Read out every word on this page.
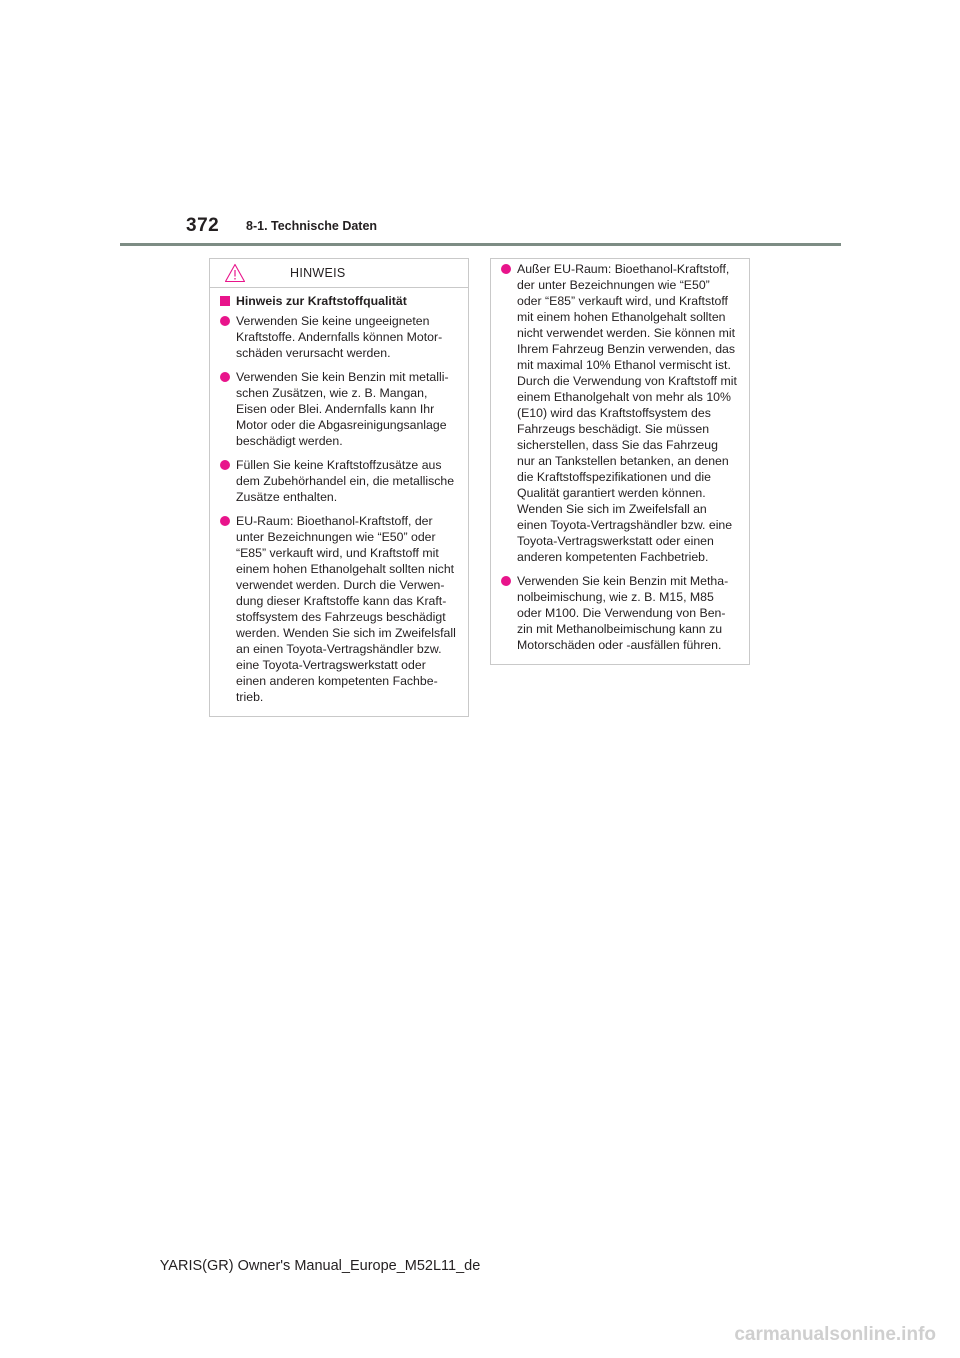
372 8-1. Technische Daten
HINWEIS
Hinweis zur Kraftstoffqualität
Verwenden Sie keine ungeeigneten
Kraftstoffe. Andernfalls können Motor-
schäden verursacht werden.
Verwenden Sie kein Benzin mit metalli-
schen Zusätzen, wie z. B. Mangan,
Eisen oder Blei. Andernfalls kann Ihr
Motor oder die Abgasreinigungsanlage
beschädigt werden.
Füllen Sie keine Kraftstoffzusätze aus
dem Zubehörhandel ein, die metallische
Zusätze enthalten.
EU-Raum: Bioethanol-Kraftstoff, der
unter Bezeichnungen wie “E50” oder
“E85” verkauft wird, und Kraftstoff mit
einem hohen Ethanolgehalt sollten nicht
verwendet werden. Durch die Verwen-
dung dieser Kraftstoffe kann das Kraft-
stoffsystem des Fahrzeugs beschädigt
werden. Wenden Sie sich im Zweifelsfall
an einen Toyota-Vertragshändler bzw.
eine Toyota-Vertragswerkstatt oder
einen anderen kompetenten Fachbe-
trieb.
Außer EU-Raum: Bioethanol-Kraftstoff,
der unter Bezeichnungen wie “E50”
oder “E85” verkauft wird, und Kraftstoff
mit einem hohen Ethanolgehalt sollten
nicht verwendet werden. Sie können mit
Ihrem Fahrzeug Benzin verwenden, das
mit maximal 10% Ethanol vermischt ist.
Durch die Verwendung von Kraftstoff mit
einem Ethanolgehalt von mehr als 10%
(E10) wird das Kraftstoffsystem des
Fahrzeugs beschädigt. Sie müssen
sicherstellen, dass Sie das Fahrzeug
nur an Tankstellen betanken, an denen
die Kraftstoffspezifikationen und die
Qualität garantiert werden können.
Wenden Sie sich im Zweifelsfall an
einen Toyota-Vertragshändler bzw. eine
Toyota-Vertragswerkstatt oder einen
anderen kompetenten Fachbetrieb.
Verwenden Sie kein Benzin mit Metha-
nolbeimischung, wie z. B. M15, M85
oder M100. Die Verwendung von Ben-
zin mit Methanolbeimischung kann zu
Motorschäden oder -ausfällen führen.
YARIS(GR) Owner's Manual_Europe_M52L11_de
carmanualsonline.info
